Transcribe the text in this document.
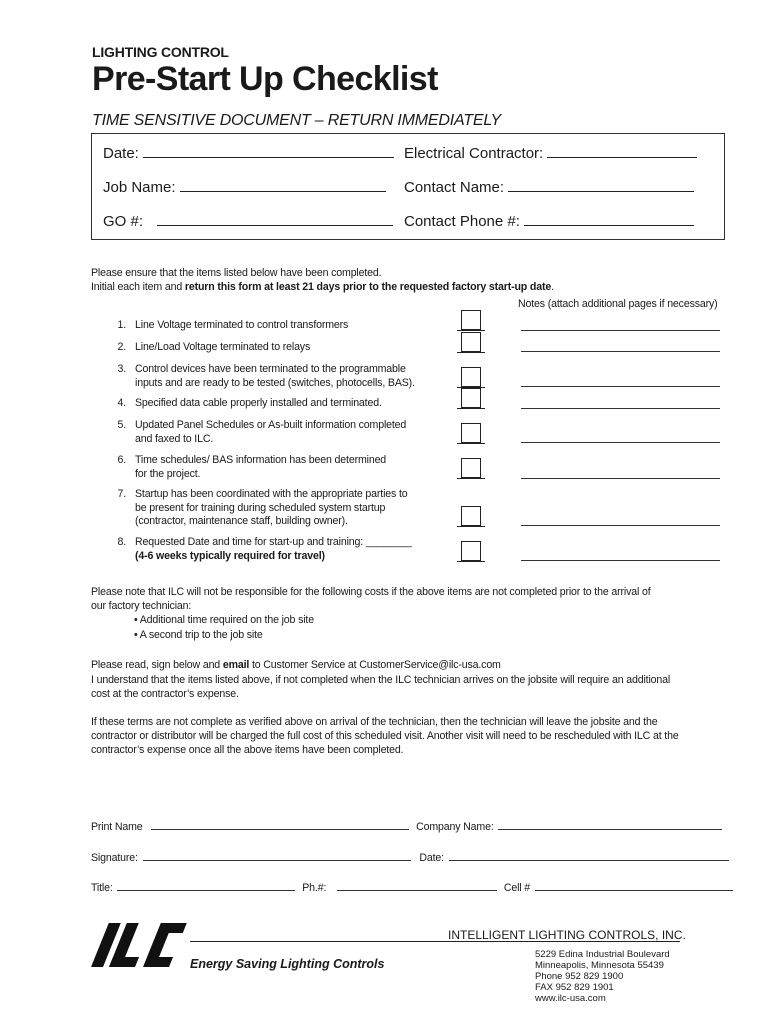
LIGHTING CONTROL
Pre-Start Up Checklist
TIME SENSITIVE DOCUMENT – RETURN IMMEDIATELY
Date:	Electrical Contractor:
Job Name:	Contact Name:
GO #:	Contact Phone #:
Please ensure that the items listed below have been completed.
Initial each item and return this form at least 21 days prior to the requested factory start-up date.
Notes (attach additional pages if necessary)
1. Line Voltage terminated to control transformers
2. Line/Load Voltage terminated to relays
3. Control devices have been terminated to the programmable
inputs and are ready to be tested (switches, photocells, BAS).
4. Specified data cable properly installed and terminated.
5. Updated Panel Schedules or As-built information completed
and faxed to ILC.
6. Time schedules/ BAS information has been determined
for the project.
7. Startup has been coordinated with the appropriate parties to
be present for training during scheduled system startup
(contractor, maintenance staff, building owner).
8. Requested Date and time for start-up and training: ________
(4-6 weeks typically required for travel)
Please note that ILC will not be responsible for the following costs if the above items are not completed prior to the arrival of
our factory technician:
• Additional time required on the job site
• A second trip to the job site
Please read, sign below and email to Customer Service at CustomerService@ilc-usa.com
I understand that the items listed above, if not completed when the ILC technician arrives on the jobsite will require an additional
cost at the contractor’s expense.
If these terms are not complete as verified above on arrival of the technician, then the technician will leave the jobsite and the
contractor or distributor will be charged the full cost of this scheduled visit. Another visit will need to be rescheduled with ILC at the
contractor’s expense once all the above items have been completed.
Print Name	Company Name:
Signature:	Date:
Title:	Ph.#:	Cell #
Energy Saving Lighting Controls
INTELLIGENT LIGHTING CONTROLS, INC.
5229 Edina Industrial Boulevard
Minneapolis, Minnesota 55439
Phone 952 829 1900
FAX 952 829 1901
www.ilc-usa.com
